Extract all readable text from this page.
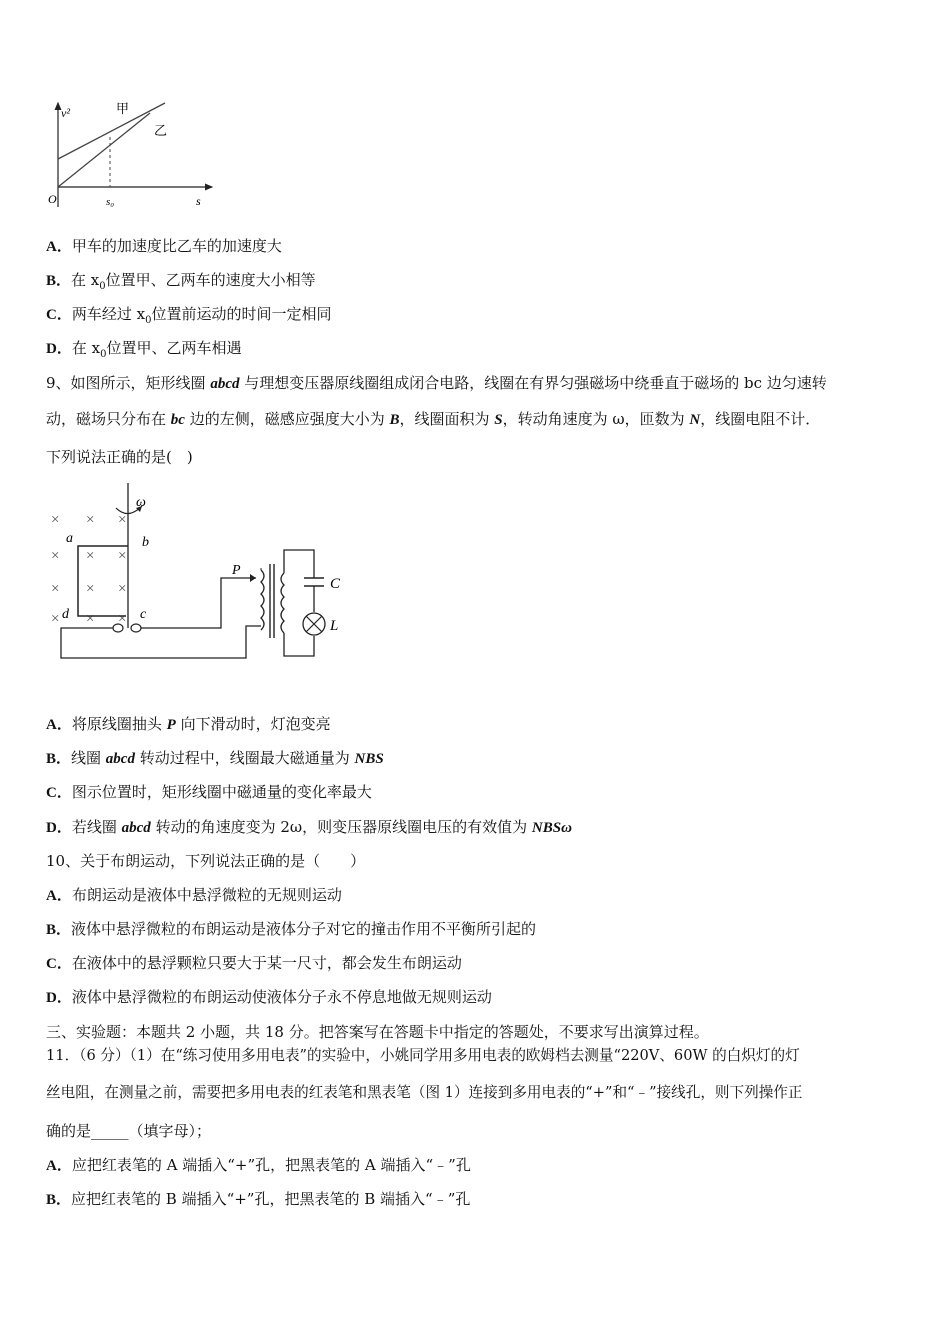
v²
s
O	s₀
甲
乙
A．甲车的加速度比乙车的加速度大
B．在 $x_0$位置甲、乙两车的速度大小相等
C．两车经过 $x_0$位置前运动的时间一定相同
D．在 $x_0$位置甲、乙两车相遇
9、如图所示，矩形线圈 abcd 与理想变压器原线圈组成闭合电路，线圈在有界匀强磁场中绕垂直于磁场的 bc 边匀速转
动，磁场只分布在 bc 边的左侧，磁感应强度大小为 B，线圈面积为 S，转动角速度为 ω，匝数为 N，线圈电阻不计．
下列说法正确的是(　)
× × ×
× × ×
× × ×
× × ×
ω
a	b
c
d
P
C
L
A．将原线圈抽头 P 向下滑动时，灯泡变亮
B．线圈 abcd 转动过程中，线圈最大磁通量为 NBS
C．图示位置时，矩形线圈中磁通量的变化率最大
D．若线圈 abcd 转动的角速度变为 2ω，则变压器原线圈电压的有效值为 NBSω
10、关于布朗运动，下列说法正确的是（　　）
A．布朗运动是液体中悬浮微粒的无规则运动
B．液体中悬浮微粒的布朗运动是液体分子对它的撞击作用不平衡所引起的
C．在液体中的悬浮颗粒只要大于某一尺寸，都会发生布朗运动
D．液体中悬浮微粒的布朗运动使液体分子永不停息地做无规则运动
三、实验题：本题共 2 小题，共 18 分。把答案写在答题卡中指定的答题处，不要求写出演算过程。
11．（6 分）（1）在“练习使用多用电表”的实验中，小姚同学用多用电表的欧姆档去测量“220V、60W 的白炽灯的灯
丝电阻，在测量之前，需要把多用电表的红表笔和黑表笔（图 1）连接到多用电表的“+”和“﹣”接线孔，则下列操作正
确的是_____（填字母）；
A．应把红表笔的 A 端插入“+”孔，把黑表笔的 A 端插入“﹣”孔
B．应把红表笔的 B 端插入“+”孔，把黑表笔的 B 端插入“﹣”孔
